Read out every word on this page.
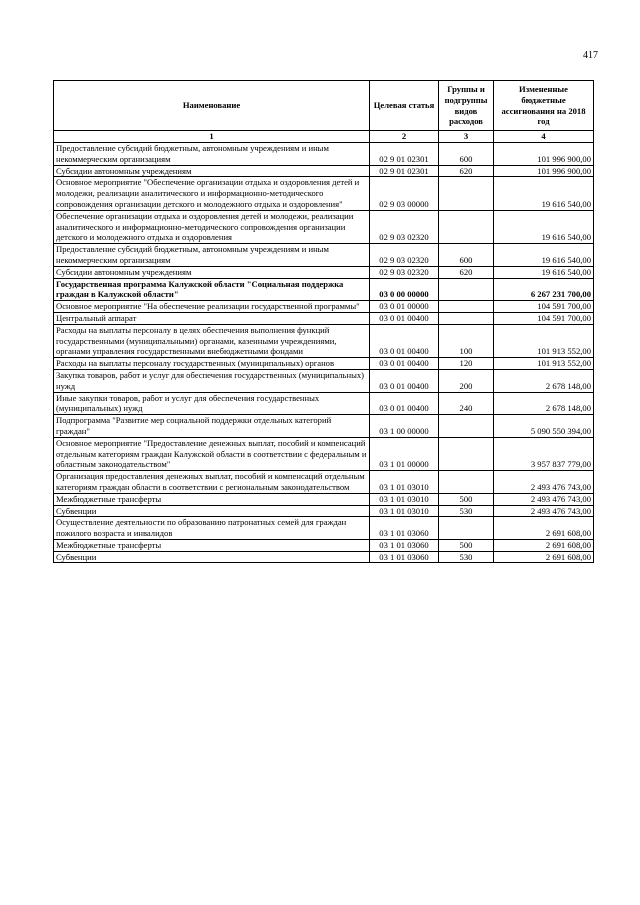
417
Наименование	Целевая статья	Группы и подгруппы видов расходов	Измененные бюджетные ассигнования на 2018 год
1	2	3	4
Предоставление субсидий бюджетным, автономным учреждениям и иным некоммерческим организациям	02 9 01 02301	600	101 996 900,00
Субсидии автономным учреждениям	02 9 01 02301	620	101 996 900,00
Основное мероприятие "Обеспечение организации отдыха и оздоровления детей и молодежи, реализации аналитического и информационно-методического сопровождения организации детского и молодежного отдыха и оздоровления"	02 9 03 00000		19 616 540,00
Обеспечение организации отдыха и оздоровления детей и молодежи, реализации аналитического и информационно-методического сопровождения организации детского и молодежного отдыха и оздоровления	02 9 03 02320		19 616 540,00
Предоставление субсидий бюджетным, автономным учреждениям и иным некоммерческим организациям	02 9 03 02320	600	19 616 540,00
Субсидии автономным учреждениям	02 9 03 02320	620	19 616 540,00
Государственная программа Калужской области "Социальная поддержка граждан в Калужской области"	03 0 00 00000		6 267 231 700,00
Основное мероприятие "На обеспечение реализации государственной программы"	03 0 01 00000		104 591 700,00
Центральный аппарат	03 0 01 00400		104 591 700,00
Расходы на выплаты персоналу в целях обеспечения выполнения функций государственными (муниципальными) органами, казенными учреждениями, органами управления государственными внебюджетными фондами	03 0 01 00400	100	101 913 552,00
Расходы на выплаты персоналу государственных (муниципальных) органов	03 0 01 00400	120	101 913 552,00
Закупка товаров, работ и услуг для обеспечения государственных (муниципальных) нужд	03 0 01 00400	200	2 678 148,00
Иные закупки товаров, работ и услуг для обеспечения государственных (муниципальных) нужд	03 0 01 00400	240	2 678 148,00
Подпрограмма "Развитие мер социальной поддержки отдельных категорий граждан"	03 1 00 00000		5 090 550 394,00
Основное мероприятие "Предоставление денежных выплат, пособий и компенсаций отдельным категориям граждан Калужской области в соответствии с федеральным и областным законодательством"	03 1 01 00000		3 957 837 779,00
Организация предоставления денежных выплат, пособий и компенсаций отдельным категориям граждан области в соответствии с региональным законодательством	03 1 01 03010		2 493 476 743,00
Межбюджетные трансферты	03 1 01 03010	500	2 493 476 743,00
Субвенции	03 1 01 03010	530	2 493 476 743,00
Осуществление деятельности по образованию патронатных семей для граждан пожилого возраста и инвалидов	03 1 01 03060		2 691 608,00
Межбюджетные трансферты	03 1 01 03060	500	2 691 608,00
Субвенции	03 1 01 03060	530	2 691 608,00
